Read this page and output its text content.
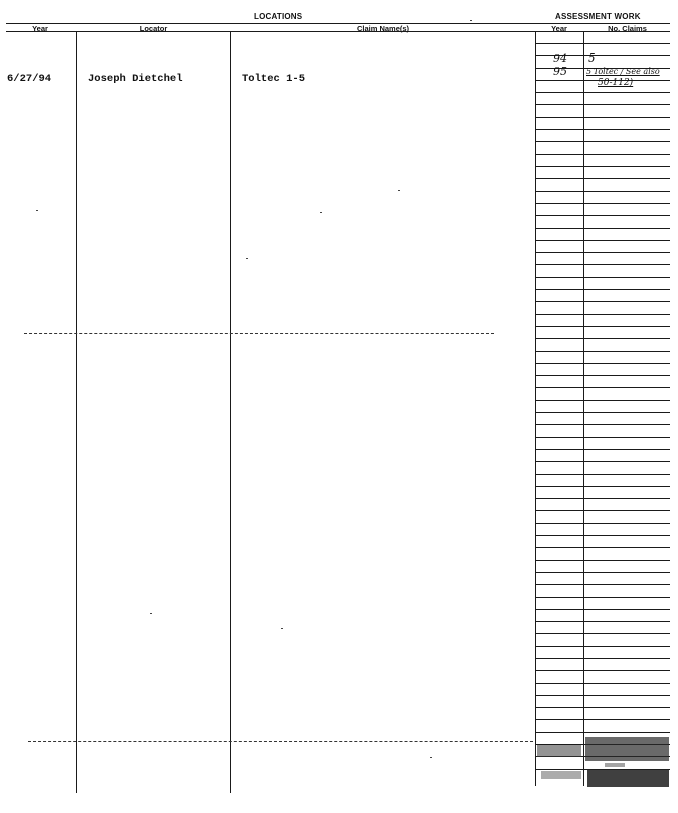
LOCATIONS	ASSESSMENT WORK
Year	Locator	Claim Name(s)	Year	No. Claims
6/27/94	Joseph Dietchel	Toltec 1-5
94 5
95 5 Toltec / See also
50-112)
